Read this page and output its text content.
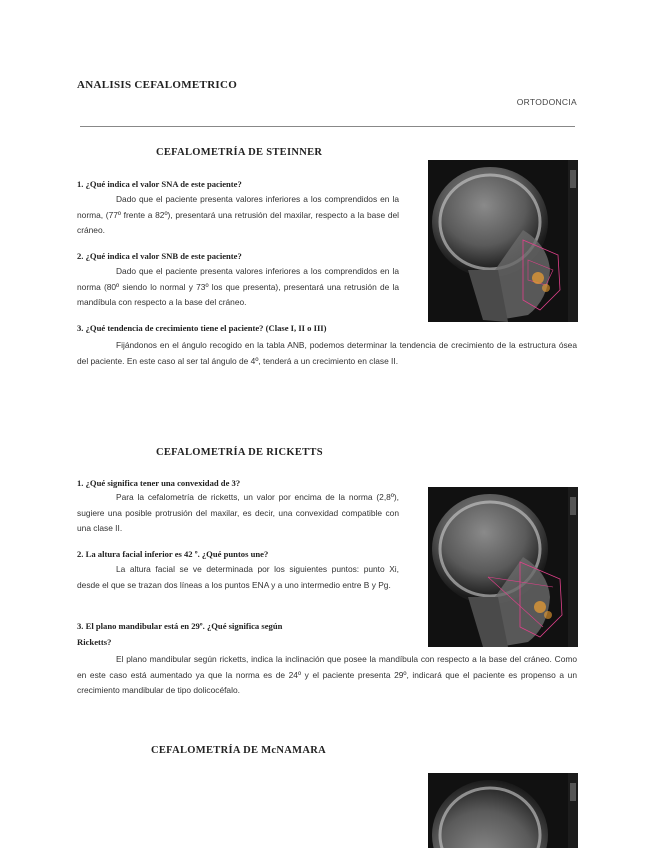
ANALISIS CEFALOMETRICO
ORTODONCIA
CEFALOMETRÍA DE STEINNER
1. ¿Qué indica el valor SNA de este paciente?

Dado que el paciente presenta valores inferiores a los comprendidos en la norma, (77º frente a 82º), presentará una retrusión del maxilar, respecto a la base del cráneo.

2. ¿Qué indica el valor SNB de este paciente?

Dado que el paciente presenta valores inferiores a los comprendidos en la norma (80º siendo lo normal y 73º los que presenta), presentará una retrusión de la mandíbula con respecto a la base del cráneo.

3. ¿Qué tendencia de crecimiento tiene el paciente? (Clase I, II o III)

Fijándonos en el ángulo recogido en la tabla ANB, podemos determinar la tendencia de crecimiento de la estructura ósea del paciente. En este caso al ser tal ángulo de 4º, tenderá a un crecimiento en clase II.

CEFALOMETRÍA DE RICKETTS
1. ¿Qué significa tener una convexidad de 3?

Para la cefalometría de ricketts, un valor por encima de la norma (2,8º), sugiere una posible protrusión del maxilar, es decir, una convexidad compatible con una clase II.

2. La altura facial inferior es 42 º. ¿Qué puntos une?

La altura facial se ve determinada por los siguientes puntos: punto Xi, desde el que se trazan dos líneas a los puntos ENA y a uno intermedio entre B y Pg.

3. El plano mandibular está en 29º. ¿Qué significa según
Ricketts?

El plano mandibular según ricketts, indica la inclinación que posee la mandíbula con respecto a la base del cráneo. Como en este caso está aumentado ya que la norma es de 24º y el paciente presenta 29º, indicará que el paciente es propenso a un crecimiento mandibular de tipo dolicocéfalo.

CEFALOMETRÍA DE McNAMARA
